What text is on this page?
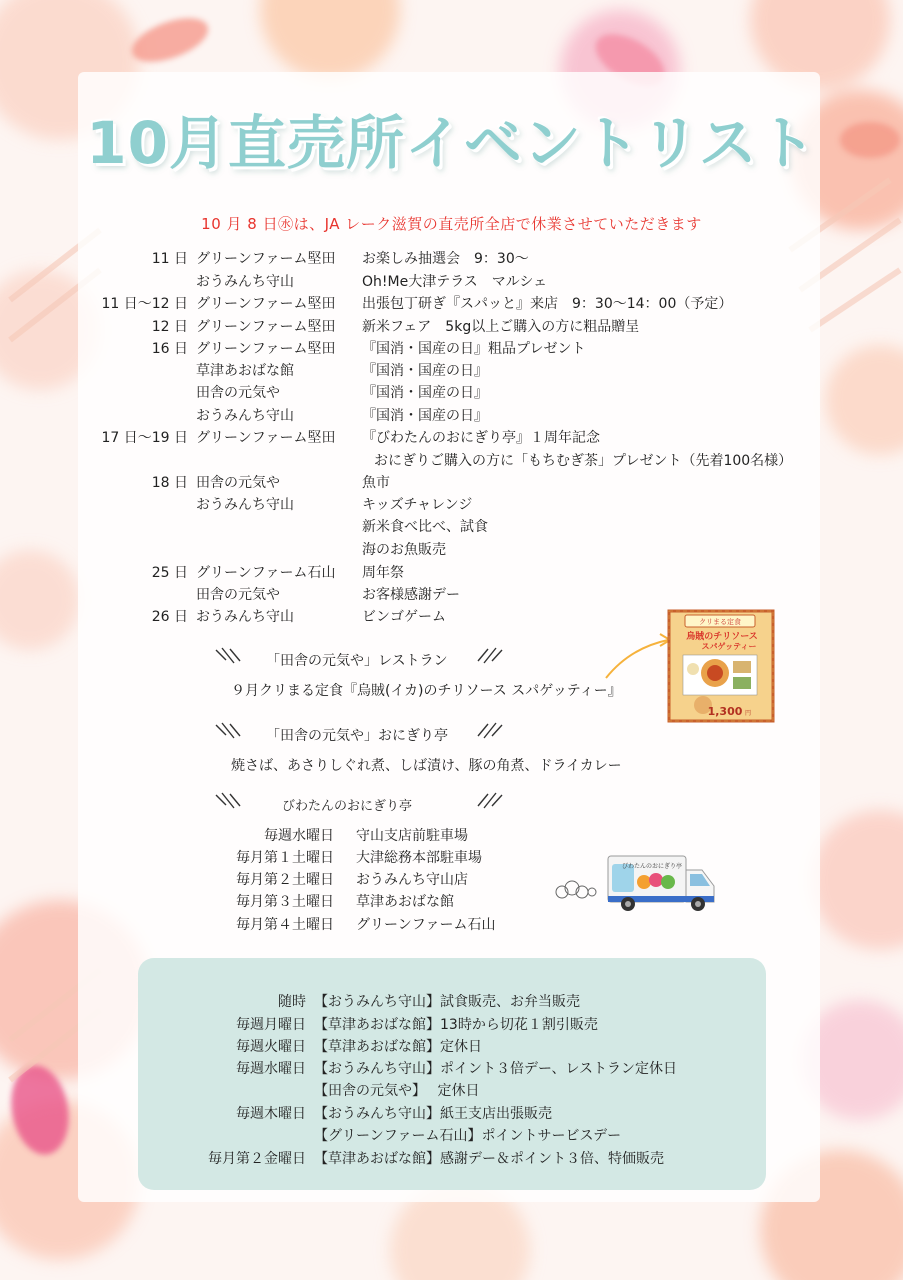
10月直売所イベントリスト
10 月 8 日㊌は、JA レーク滋賀の直売所全店で休業させていただきます
11 日 グリーンファーム堅田 お楽しみ抽選会　9：30～
おうみんち守山	Oh!Me大津テラス　マルシェ
11 日～12 日 グリーンファーム堅田 出張包丁研ぎ『スパッと』来店　9：30～14：00（予定）
12 日 グリーンファーム堅田 新米フェア　5kg以上ご購入の方に粗品贈呈
16 日 グリーンファーム堅田 『国消・国産の日』粗品プレゼント
草津あおばな館	『国消・国産の日』
田舎の元気や	『国消・国産の日』
おうみんち守山	『国消・国産の日』
17 日～19 日 グリーンファーム堅田 『びわたんのおにぎり亭』１周年記念
おにぎりご購入の方に「もちむぎ茶」プレゼント（先着100名様）
18 日 田舎の元気や	魚市
おうみんち守山	キッズチャレンジ
新米食べ比べ、試食
海のお魚販売
25 日 グリーンファーム石山 周年祭
田舎の元気や	お客様感謝デー
26 日 おうみんち守山	ビンゴゲーム
「田舎の元気や」レストラン
９月クリまる定食『烏賊(イカ)のチリソース スパゲッティー』
クリまる定食
烏賊のチリソース
スパゲッティー
1,300 円
「田舎の元気や」おにぎり亭
焼さば、あさりしぐれ煮、しば漬け、豚の角煮、ドライカレー
びわたんのおにぎり亭
毎週水曜日 守山支店前駐車場
毎月第１土曜日 大津総務本部駐車場
毎月第２土曜日 おうみんち守山店
毎月第３土曜日 草津あおばな館
毎月第４土曜日 グリーンファーム石山
びわたんのおにぎり亭
随時 【おうみんち守山】試食販売、お弁当販売
毎週月曜日 【草津あおばな館】13時から切花１割引販売
毎週火曜日 【草津あおばな館】定休日
毎週水曜日 【おうみんち守山】ポイント３倍デー、レストラン定休日
【田舎の元気や】　 定休日
毎週木曜日 【おうみんち守山】紙王支店出張販売
【グリーンファーム石山】ポイントサービスデー
毎月第２金曜日 【草津あおばな館】感謝デー＆ポイント３倍、特価販売
